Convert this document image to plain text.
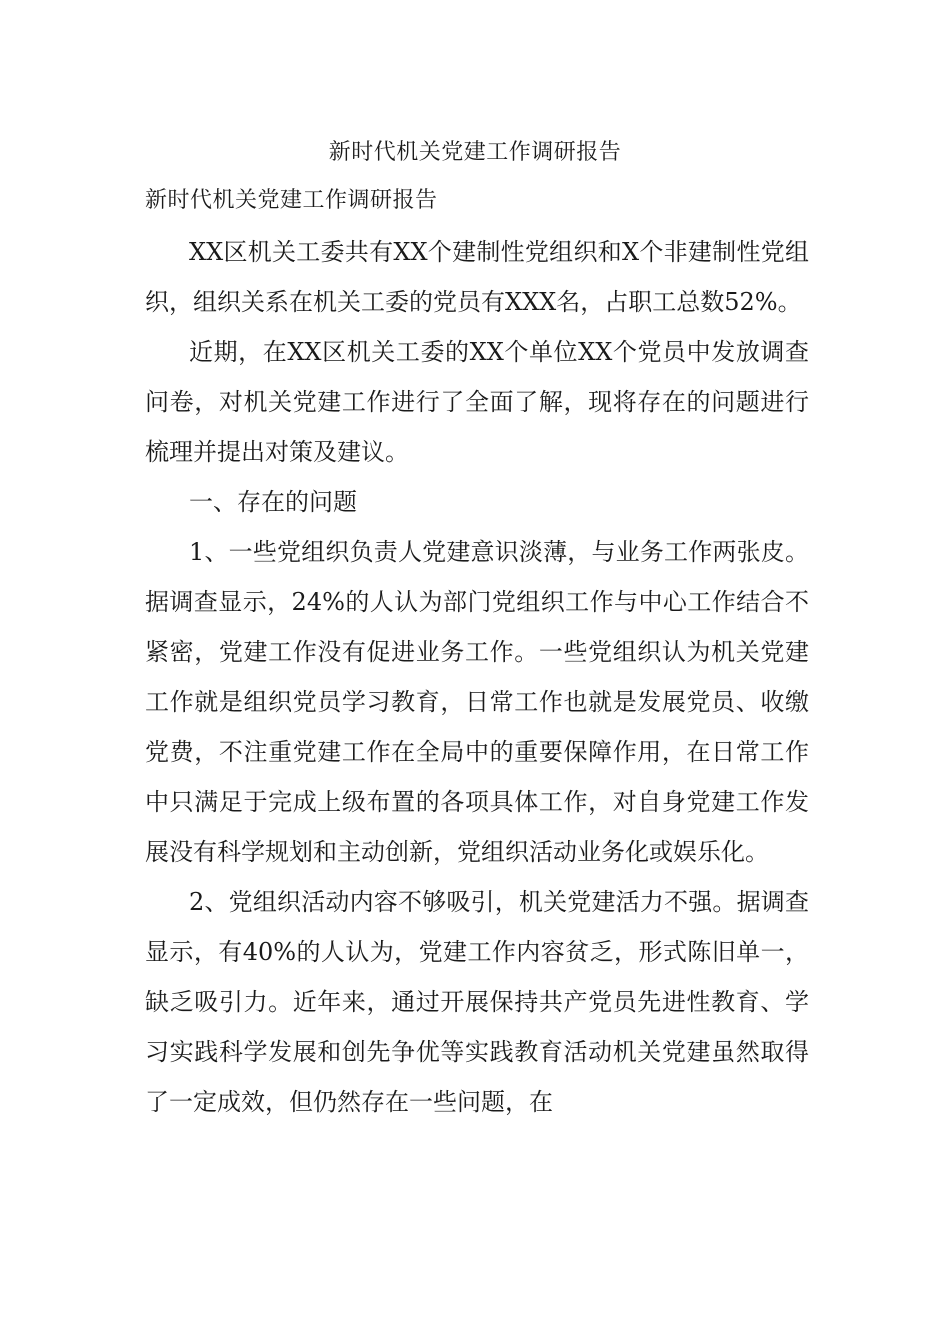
新时代机关党建工作调研报告
新时代机关党建工作调研报告

XX区机关工委共有XX个建制性党组织和X个非建制性党组织，组织关系在机关工委的党员有XXX名，占职工总数52%。

近期，在XX区机关工委的XX个单位XX个党员中发放调查问卷，对机关党建工作进行了全面了解，现将存在的问题进行梳理并提出对策及建议。

一、存在的问题

1、一些党组织负责人党建意识淡薄，与业务工作两张皮。据调查显示，24%的人认为部门党组织工作与中心工作结合不紧密，党建工作没有促进业务工作。一些党组织认为机关党建工作就是组织党员学习教育，日常工作也就是发展党员、收缴党费，不注重党建工作在全局中的重要保障作用，在日常工作中只满足于完成上级布置的各项具体工作，对自身党建工作发展没有科学规划和主动创新，党组织活动业务化或娱乐化。

2、党组织活动内容不够吸引，机关党建活力不强。据调查显示，有40%的人认为，党建工作内容贫乏，形式陈旧单一，缺乏吸引力。近年来，通过开展保持共产党员先进性教育、学习实践科学发展和创先争优等实践教育活动机关党建虽然取得了一定成效，但仍然存在一些问题，在
